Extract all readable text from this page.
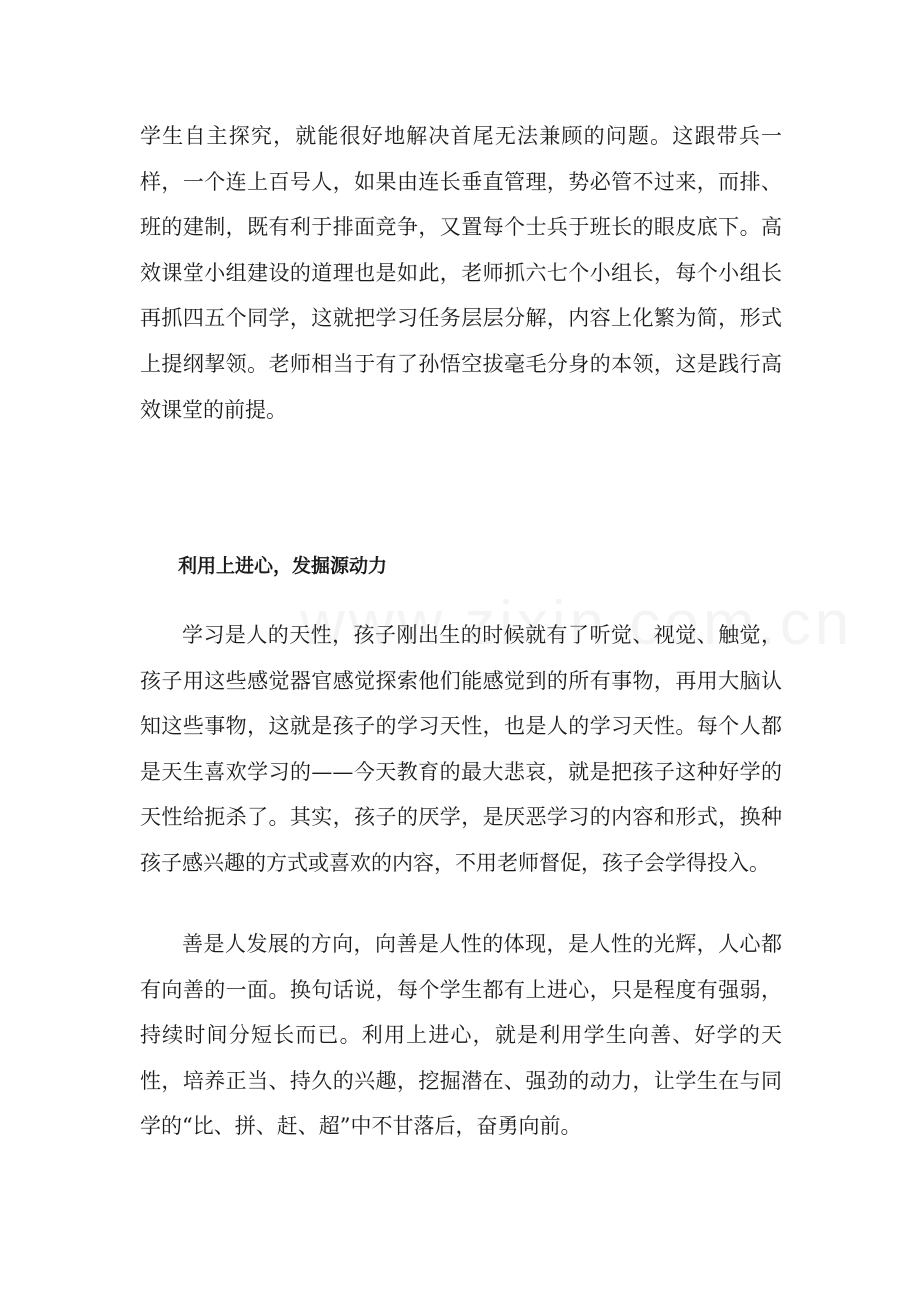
学生自主探究，就能很好地解决首尾无法兼顾的问题。这跟带兵一样，一个连上百号人，如果由连长垂直管理，势必管不过来，而排、班的建制，既有利于排面竞争，又置每个士兵于班长的眼皮底下。高效课堂小组建设的道理也是如此，老师抓六七个小组长，每个小组长再抓四五个同学，这就把学习任务层层分解，内容上化繁为简，形式上提纲挈领。老师相当于有了孙悟空拔毫毛分身的本领，这是践行高效课堂的前提。

利用上进心，发掘源动力

学习是人的天性，孩子刚出生的时候就有了听觉、视觉、触觉，孩子用这些感觉器官感觉探索他们能感觉到的所有事物，再用大脑认知这些事物，这就是孩子的学习天性，也是人的学习天性。每个人都是天生喜欢学习的——今天教育的最大悲哀，就是把孩子这种好学的天性给扼杀了。其实，孩子的厌学，是厌恶学习的内容和形式，换种孩子感兴趣的方式或喜欢的内容，不用老师督促，孩子会学得投入。

善是人发展的方向，向善是人性的体现，是人性的光辉，人心都有向善的一面。换句话说，每个学生都有上进心，只是程度有强弱，持续时间分短长而已。利用上进心，就是利用学生向善、好学的天性，培养正当、持久的兴趣，挖掘潜在、强劲的动力，让学生在与同学的“比、拼、赶、超”中不甘落后，奋勇向前。
